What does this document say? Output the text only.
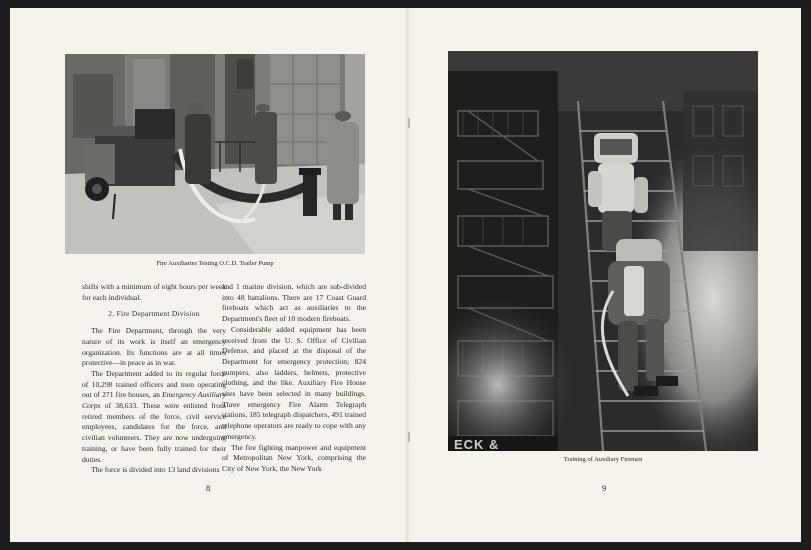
Fire Auxiliaries Testing O.C.D. Trailer Pump

shifts with a minimum of eight hours per week for each individual.

2. Fire Department Division

The Fire Department, through the very nature of its work is itself an emergency organization. Its functions are at all times protective—in peace as in war.

The Department added to its regular force of 10,298 trained officers and men operating out of 271 fire houses, an Emergency Auxiliary Corps of 38,633. These were enlisted from retired members of the force, civil service employees, candidates for the force, and civilian volunteers. They are now undergoing training, or have been fully trained for their duties.

The force is divided into 13 land divisions

and 1 marine division, which are sub-divided into 48 battalions. There are 17 Coast Guard fireboats which act as auxiliaries to the Department's fleet of 10 modern fireboats.

Considerable added equipment has been received from the U. S. Office of Civilian Defense, and placed at the disposal of the Department for emergency protection; 824 pumpers, also ladders, helmets, protective clothing, and the like. Auxiliary Fire House sites have been selected in many buildings. Three emergency Fire Alarm Telegraph stations, 185 telegraph dispatchers, 491 trained telephone operators are ready to cope with any emergency.

The fire fighting manpower and equipment of Metropolitan New York, comprising the City of New York, the New York

8
ECK &
Training of Auxiliary Firemen
9
